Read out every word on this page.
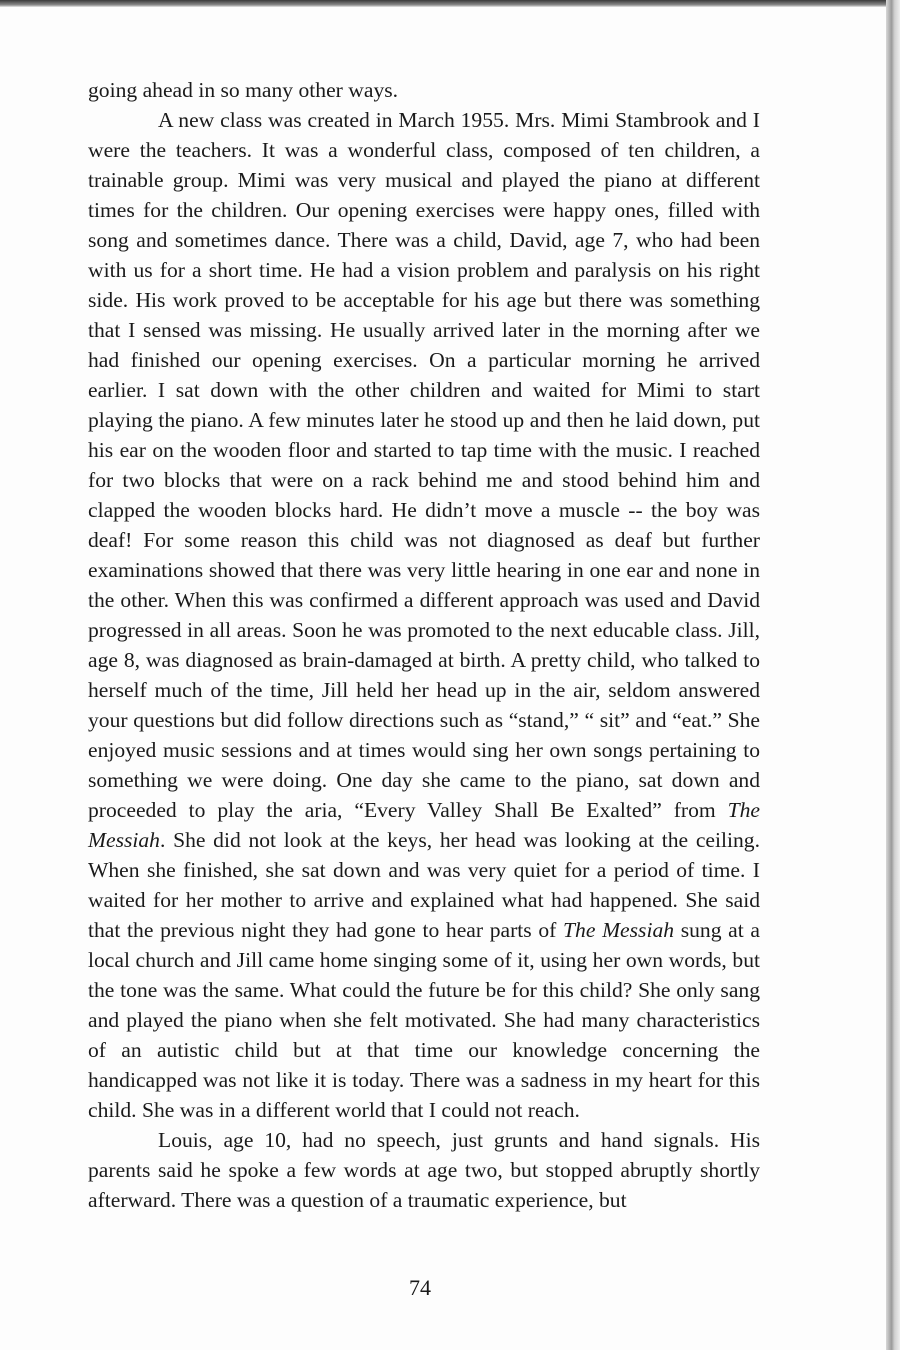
going ahead in so many other ways.

A new class was created in March 1955. Mrs. Mimi Stambrook and I were the teachers. It was a wonderful class, composed of ten children, a trainable group. Mimi was very musical and played the piano at different times for the children. Our opening exercises were happy ones, filled with song and sometimes dance. There was a child, David, age 7, who had been with us for a short time. He had a vision problem and paralysis on his right side. His work proved to be acceptable for his age but there was something that I sensed was missing. He usually arrived later in the morning after we had finished our opening exercises. On a particular morning he arrived earlier. I sat down with the other children and waited for Mimi to start playing the piano. A few minutes later he stood up and then he laid down, put his ear on the wooden floor and started to tap time with the music. I reached for two blocks that were on a rack behind me and stood behind him and clapped the wooden blocks hard. He didn’t move a muscle -- the boy was deaf! For some reason this child was not diagnosed as deaf but further examinations showed that there was very little hearing in one ear and none in the other. When this was confirmed a different approach was used and David progressed in all areas. Soon he was promoted to the next educable class. Jill, age 8, was diagnosed as brain-damaged at birth. A pretty child, who talked to herself much of the time, Jill held her head up in the air, seldom answered your questions but did follow directions such as “stand,” “ sit” and “eat.” She enjoyed music sessions and at times would sing her own songs pertaining to something we were doing. One day she came to the piano, sat down and proceeded to play the aria, “Every Valley Shall Be Exalted” from The Messiah. She did not look at the keys, her head was looking at the ceiling. When she finished, she sat down and was very quiet for a period of time. I waited for her mother to arrive and explained what had happened. She said that the previous night they had gone to hear parts of The Messiah sung at a local church and Jill came home singing some of it, using her own words, but the tone was the same. What could the future be for this child? She only sang and played the piano when she felt motivated. She had many characteristics of an autistic child but at that time our knowledge concerning the handicapped was not like it is today. There was a sadness in my heart for this child. She was in a different world that I could not reach.

Louis, age 10, had no speech, just grunts and hand signals. His parents said he spoke a few words at age two, but stopped abruptly shortly afterward. There was a question of a traumatic experience, but

74
